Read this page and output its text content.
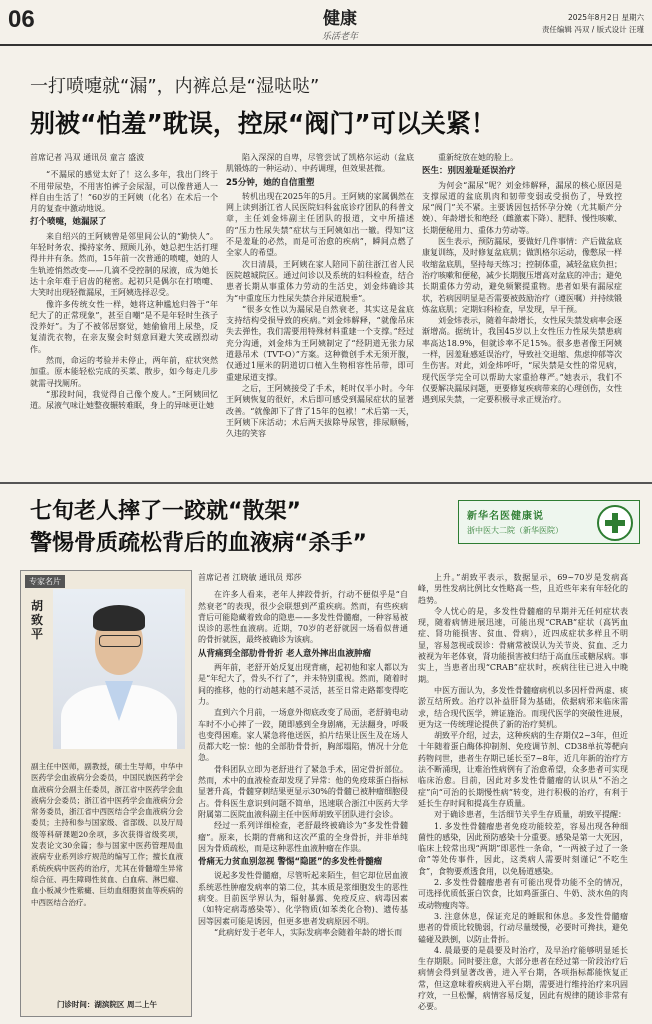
06	健康
乐活老年
2025年8月2日 星期六
责任编辑 冯双 / 版式设计 汪瑾
一打喷嚏就“漏”，内裤总是“湿哒哒”
别被“怕羞”耽误，控尿“阀门”可以关紧！
首席记者 冯双 通讯员 童言 盛波

“不漏尿的感觉太好了！这么多年，我出门终于不用带尿垫，不用害怕裤子会尿湿，可以像普通人一样自由生活了！”60岁的王阿姨（化名）在术后一个月的复查中激动地说。

打个喷嚏，她漏尿了

来自绍兴的王阿姨曾是邻里间公认的“勤快人”。年轻时务农、操持家务、照顾儿孙，她总把生活打理得井井有条。然而，15年前一次普通的喷嚏，她的人生轨迹悄然改变——几滴不受控制的尿液，成为她长达十余年难于启齿的秘密。起初只是偶尔在打喷嚏、大笑时出现轻微漏尿，王阿姨选择忍受。

像许多传统女性一样，她将这种尴尬归咎于“年纪大了的正常现象”，甚至自嘲“是不是年轻时生孩子没养好”。为了不被邻居察觉，她偷偷用上尿垫，反复清洗衣物，在亲友聚会时刻意回避大笑或剧烈动作。

然而，命运的考验并未停止，两年前，症状突然加重。原本能轻松完成的买菜、散步，如今每走几步就需寻找厕所。

“那段时间，我觉得自己像个废人。”王阿姨回忆道。尿液气味让她整夜辗转难眠，身上的异味更让她

陷入深深的自卑，尽管尝试了凯格尔运动（盆底肌锻炼的一种运动）、中药调理，但效果甚微。

25分钟，她的自信重塑

转机出现在2025年的5月。王阿姨的家属偶然在网上读到浙江省人民医院妇科盆底诊疗团队的科普文章，主任刘金炜副主任团队的报道，文中所描述的“压力性尿失禁”症状与王阿姨如出一辙。得知“这不是羞耻的必然，而是可治愈的疾病”，瞬间点燃了全家人的希望。

次日清晨，王阿姨在家人陪同下前往浙江省人民医院越城院区。通过问诊以及系统的妇科检查，结合患者长期从事重体力劳动的生活史，刘金炜确诊其为“中重度压力性尿失禁合并尿道脱垂”。

“很多女性以为漏尿是自然衰老，其实这是盆底支持结构受损导致的疾病。”刘金炜解释，“就像吊床失去弹性，我们需要用特殊材料重建一个支撑。”经过充分沟通，刘金炜为王阿姨制定了“经阴道无张力尿道悬吊术（TVT-O）”方案。这种微创手术无须开腹，仅通过1厘米的阴道切口植入生物相容性吊带，即可重建尿道支撑。

之后，王阿姨接受了手术，耗时仅半小时。今年王阿姨恢复的很好，术后即可感受到漏尿症状的显著改善。“就像卸下了背了15年的包袱！”术后第一天，王阿姨下床活动；术后两天拔除导尿管，排尿顺畅，久违的笑容

重新绽放在她的脸上。

医生：别因羞耻延误治疗

为何会“漏尿”呢？刘金炜解释，漏尿的核心原因是支撑尿道的盆底肌肉和韧带变弱或受损伤了，导致控尿“阀门”关不紧。主要诱因包括怀孕分娩（尤其顺产分娩）、年龄增长和绝经（雌激素下降）、肥胖、慢性咳嗽、长期便秘用力、重体力劳动等。

医生表示，预防漏尿，要做好几件事情：产后做盆底康复训练，及时修复盆底肌；做凯格尔运动，像憋尿一样收缩盆底肌，坚持每天练习；控制体重，减轻盆底负担；治疗咳嗽和便秘，减少长期腹压增高对盆底的冲击；避免长期重体力劳动，避免频繁提重物。患者如果有漏尿症状，若病因明显是否需要被鼓励治疗（遵医嘱）并持续锻炼盆底肌；定期妇科检查，早发现，早干预。

刘金炜表示，随着年龄增长，女性尿失禁发病率会逐渐增高。据统计，我国45岁以上女性压力性尿失禁患病率高达18.9%，但就诊率不足15%。很多患者像王阿姨一样，因羞耻感延误治疗，导致社交退缩、焦虑抑郁等次生伤害。对此，刘金炜呼吁，“尿失禁是女性的常见病，现代医学完全可以帮助大家重拾尊严。”她表示，我们不仅要解决漏尿问题，更要修复疾病带来的心理创伤，女性遇到尿失禁，一定要积极寻求正规治疗。

七旬老人摔了一跤就“散架”
警惕骨质疏松背后的血液病“杀手”
新华名医健康说
浙中医大二院（新华医院）
专家名片
胡致平
副主任中医师，副教授，硕士生导师，中华中医药学会血液病分会委员，中国民族医药学会血液病分会副主任委员，浙江省中医药学会血液病分会委员；浙江省中医药学会血液病分会常务委员，浙江省中西医结合学会血液病分会委员；主持和参与国家级、省部级、以及厅局级等科研课题20余项，多次获得省级奖项，发表论文30余篇；参与国家中医药管理局血液病专业系列诊疗规范的编写工作；擅长血液系统疾病中医药的治疗，尤其在骨髓增生异常综合征、再生障碍性贫血、白血病、淋巴瘤、血小板减少性紫癜、巨幼血细胞贫血等疾病的中西医结合治疗。
门诊时间：湖滨院区 周二上午
首席记者 江晓敏 通讯员 郑莎

在许多人看来，老年人摔跤骨折，行动不便似乎是“自然衰老”的表现，很少会联想到严重疾病。然而，有些疾病背后可能隐藏着致命的隐患——多发性骨髓瘤，一种容易被误诊的恶性血液病。近期，70岁的老舒就因一场看似普通的骨折就医，最终被确诊为该病。

从背痛到全部肋骨骨折 老人意外摔出血液肿瘤

两年前，老舒开始反复出现背痛，起初他和家人都以为是“年纪大了，骨头不行了”，并未特别重视。然而，随着时间的推移，他的行动越来越不灵活，甚至日常走路都变得吃力。

直到六个月前，一场意外彻底改变了局面，老舒骑电动车时不小心摔了一跤，随即感到全身剧痛，无法翻身，呼吸也变得困难。家人紧急将他送医，拍片结果让医生及在场人员都大吃一惊：他的全部肋骨骨折，胸部塌陷，情况十分危急。

骨科团队立即为老舒进行了紧急手术，固定骨折部位。然而，术中的血液检查却发现了异常：他的免疫球蛋白指标显著升高，骨髓穿刺结果更显示30%的骨髓已被肿瘤细胞侵占。骨科医生意识到问题不简单，迅速联合浙江中医药大学附属第二医院血液科副主任中医师胡致平团队进行会诊。

经过一系列详细检查，老舒最终被确诊为“多发性骨髓瘤”。原来，长期的背痛和这次严重的全身骨折，并非单纯因为骨质疏松，而是这种恶性血液肿瘤在作祟。

骨痛无力贫血别忽视 警惕“隐匿”的多发性骨髓瘤

说起多发性骨髓瘤，尽管听起来陌生，但它却位居血液系统恶性肿瘤发病率的第二位，其本质是浆细胞发生的恶性病变。目前医学界认为，辐射暴露、免疫反应、病毒因素（如特定病毒感染等）、化学物质(如苯类化合物)、遗传基因等因素可能是诱因，但更多患者发病原因不明。

“此病好发于老年人，实际发病率会随着年龄的增长而

上升。”胡致平表示，数据显示，69~70岁是发病高峰，男性发病比例比女性略高一些，且近些年来有年轻化的趋势。

令人忧心的是，多发性骨髓瘤的早期并无任何症状表现，随着病情进展迅速，可能出现“CRAB”症状（高钙血症、肾功能损害、贫血、骨病），近四成症状多样且不明显，容易忽视或误诊：骨痛常被误认为关节炎、贫血、乏力被视为年老体衰，肾功能损害被归结于高血压或糖尿病。事实上，当患者出现“CRAB”症状时，疾病往往已进入中晚期。

中医方面认为，多发性骨髓瘤病机以多因杆骨两虚、痰淤互结所致。治疗以补益肝肾为基础，依据病邪来临床需求，结合现代医学，辨证施治。而现代医学的突破性进展，更为这一传统理论提供了新的治疗契机。

胡致平介绍，过去，这种疾病的生存期仅2~3年，但近十年随着蛋白酶体抑制剂、免疫调节剂、CD38单抗等靶向药物问世，患者生存期已延长至7~8年，近几年新的治疗方法不断涌现，让难治性病例有了治愈希望，众多患者可实现临床治愈。目前，因此对多发性骨髓瘤的认识从“不治之症”向“可治的长期慢性病”转变，进行积极的治疗，有利于延长生存时间和提高生存质量。

对于确诊患者，生活细节关乎生存质量，胡致平提醒：

1. 多发性骨髓瘤患者免疫功能较差，容易出现各种细菌性的感染，因此预防感染十分重要。感染是第一大死因，临床上较常出现“两期”即恶性一条命，“一两被子过了一条命”等处传事件，因此，这类病人需要时刻谨记“不吃生食”，食物要煮透食用，以免肠道感染。

2. 多发性骨髓瘤患者有可能出现骨功能不全的情况，可选择优质低蛋白饮食，比如鸡蛋蛋白、牛奶、淡水鱼的肉或动物瘦肉等。

3. 注意休息，保证充足的睡眠和休息。多发性骨髓瘤患者的骨质比较脆弱，行动尽量缓慢，必要时可搀扶，避免磕碰及跌倒，以防止骨折。

4. 晨最要的是晨要及时治疗，及早治疗能够明显延长生存期限。同时要注意，大部分患者在经过第一阶段治疗后病情会得到显著改善，进入平台期，各项指标都能恢复正常，但这意味着疾病进入平台期，需要进行维持治疗来巩固疗效，一旦松懈，病情容易反复，因此有规律的随诊非常有必要。
